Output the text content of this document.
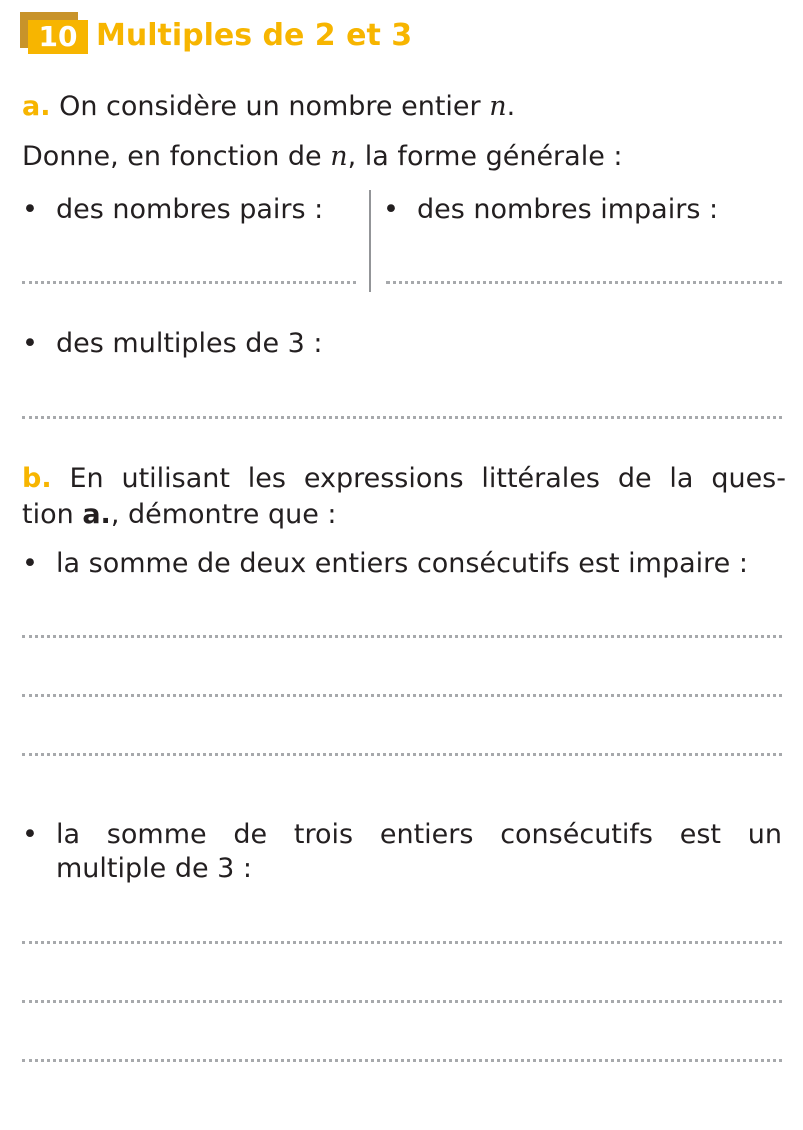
10 Multiples de 2 et 3
a. On considère un nombre entier n.
Donne, en fonction de n, la forme générale :
• des nombres pairs : • des nombres impairs :
• des multiples de 3 :
b. En utilisant les expressions littérales de la ques-
tion a., démontre que :
• la somme de deux entiers consécutifs est impaire :
• la somme de trois entiers consécutifs est un
multiple de 3 :
